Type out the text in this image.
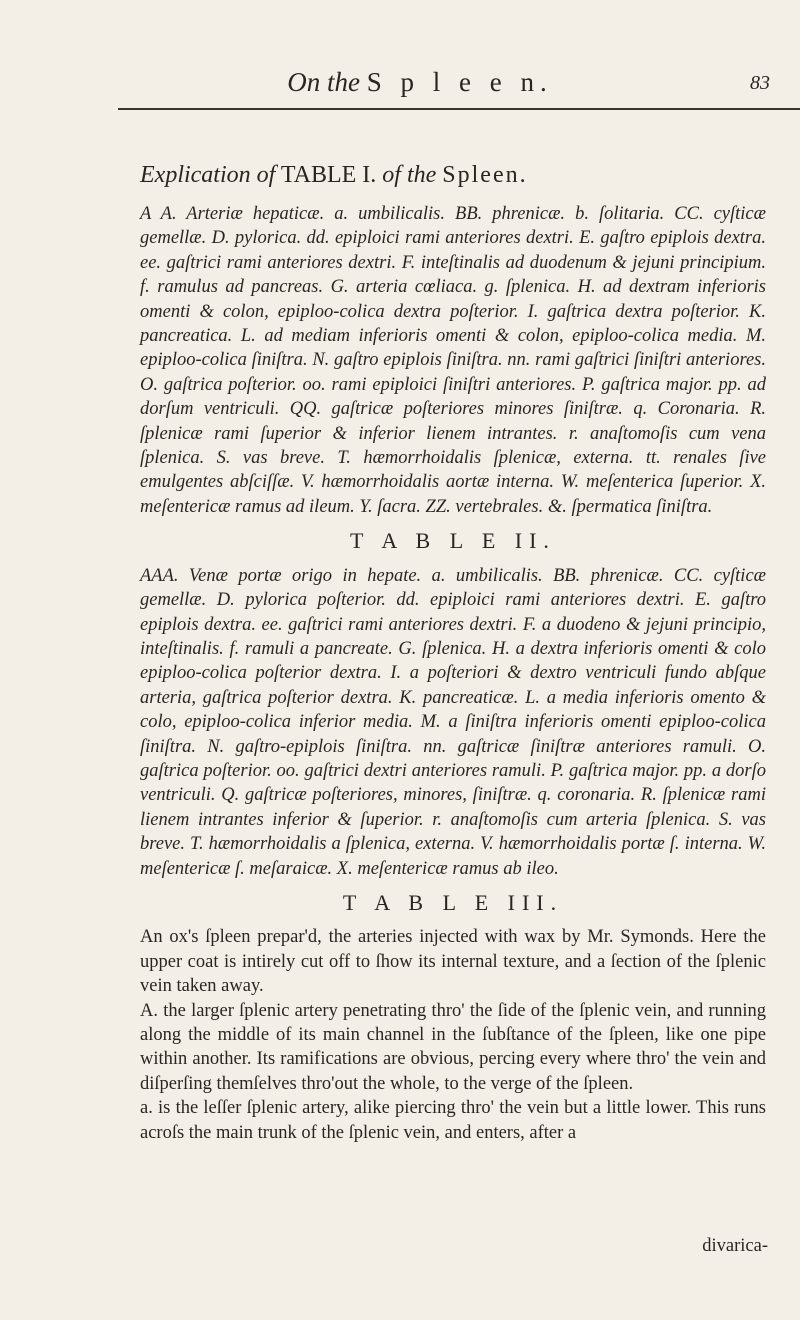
On the S p l e e n.	83

Explication of TABLE I. of the Spleen.

A A. Arteriæ hepaticæ. a. umbilicalis. BB. phrenicæ. b. ſolitaria. CC. cyſticæ gemellæ. D. pylorica. dd. epiploici rami anteriores dextri. E. gaſtro epiplois dextra. ee. gaſtrici rami anteriores dextri. F. inteſtinalis ad duodenum & jejuni principium. f. ramulus ad pancreas. G. arteria cœliaca. g. ſplenica. H. ad dextram inferioris omenti & colon, epiploo-colica dextra poſterior. I. gaſtrica dextra poſterior. K. pancreatica. L. ad mediam inferioris omenti & colon, epiploo-colica media. M. epiploo-colica ſiniſtra. N. gaſtro epiplois ſiniſtra. nn. rami gaſtrici ſiniſtri anteriores. O. gaſtrica poſterior. oo. rami epiploici ſiniſtri anteriores. P. gaſtrica major. pp. ad dorſum ventriculi. QQ. gaſtricæ poſteriores minores ſiniſtræ. q. Coronaria. R. ſplenicæ rami ſuperior & inferior lienem intrantes. r. anaſtomoſis cum vena ſplenica. S. vas breve. T. hæmorrhoidalis ſplenicæ, externa. tt. renales ſive emulgentes abſciſſæ. V. hæmorrhoidalis aortæ interna. W. meſenterica ſuperior. X. meſentericæ ramus ad ileum. Y. ſacra. ZZ. vertebrales. &. ſpermatica ſiniſtra.

T A B L E II.

AAA. Venæ portæ origo in hepate. a. umbilicalis. BB. phrenicæ. CC. cyſticæ gemellæ. D. pylorica poſterior. dd. epiploici rami anteriores dextri. E. gaſtro epiplois dextra. ee. gaſtrici rami anteriores dextri. F. a duodeno & jejuni principio, inteſtinalis. f. ramuli a pancreate. G. ſplenica. H. a dextra inferioris omenti & colo epiploo-colica poſterior dextra. I. a poſteriori & dextro ventriculi fundo abſque arteria, gaſtrica poſterior dextra. K. pancreaticæ. L. a media inferioris omento & colo, epiploo-colica inferior media. M. a ſiniſtra inferioris omenti epiploo-colica ſiniſtra. N. gaſtro-epiplois ſiniſtra. nn. gaſtricæ ſiniſtræ anteriores ramuli. O. gaſtrica poſterior. oo. gaſtrici dextri anteriores ramuli. P. gaſtrica major. pp. a dorſo ventriculi. Q. gaſtricæ poſteriores, minores, ſiniſtræ. q. coronaria. R. ſplenicæ rami lienem intrantes inferior & ſuperior. r. anaſtomoſis cum arteria ſplenica. S. vas breve. T. hæmorrhoidalis a ſplenica, externa. V. hæmorrhoidalis portæ ſ. interna. W. meſentericæ ſ. meſaraicæ. X. meſentericæ ramus ab ileo.

T A B L E III.

An ox's ſpleen prepar'd, the arteries injected with wax by Mr. Symonds. Here the upper coat is intirely cut off to ſhow its internal texture, and a ſection of the ſplenic vein taken away.

A. the larger ſplenic artery penetrating thro' the ſide of the ſplenic vein, and running along the middle of its main channel in the ſubſtance of the ſpleen, like one pipe within another. Its ramifications are obvious, percing every where thro' the vein and diſperſing themſelves thro'out the whole, to the verge of the ſpleen.

a. is the leſſer ſplenic artery, alike piercing thro' the vein but a little lower. This runs acroſs the main trunk of the ſplenic vein, and enters, after a

divarica-
